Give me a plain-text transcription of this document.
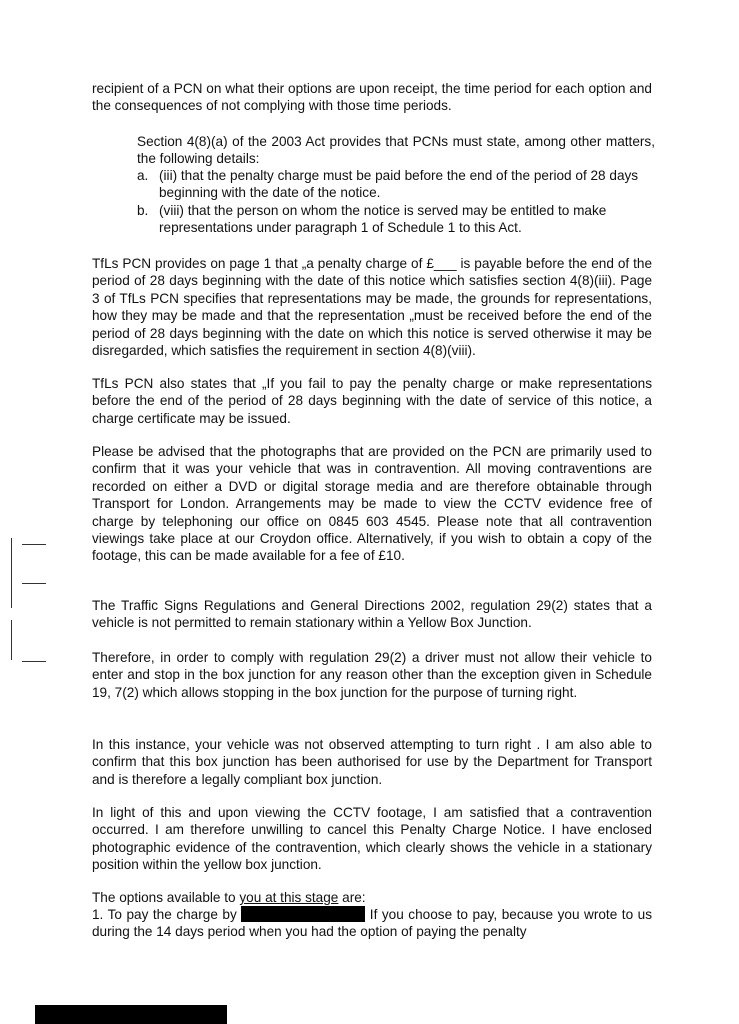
recipient of a PCN on what their options are upon receipt, the time period for each option and the consequences of not complying with those time periods.

Section 4(8)(a) of the 2003 Act provides that PCNs must state, among other matters, the following details:

a. (iii) that the penalty charge must be paid before the end of the period of 28 days beginning with the date of the notice.
b. (viii) that the person on whom the notice is served may be entitled to make representations under paragraph 1 of Schedule 1 to this Act.

TfLs PCN provides on page 1 that „a penalty charge of £___ is payable before the end of the period of 28 days beginning with the date of this notice which satisfies section 4(8)(iii). Page 3 of TfLs PCN specifies that representations may be made, the grounds for representations, how they may be made and that the representation „must be received before the end of the period of 28 days beginning with the date on which this notice is served otherwise it may be disregarded, which satisfies the requirement in section 4(8)(viii).

TfLs PCN also states that „If you fail to pay the penalty charge or make representations before the end of the period of 28 days beginning with the date of service of this notice, a charge certificate may be issued.

Please be advised that the photographs that are provided on the PCN are primarily used to confirm that it was your vehicle that was in contravention. All moving contraventions are recorded on either a DVD or digital storage media and are therefore obtainable through Transport for London. Arrangements may be made to view the CCTV evidence free of charge by telephoning our office on 0845 603 4545. Please note that all contravention viewings take place at our Croydon office. Alternatively, if you wish to obtain a copy of the footage, this can be made available for a fee of £10.

The Traffic Signs Regulations and General Directions 2002, regulation 29(2) states that a vehicle is not permitted to remain stationary within a Yellow Box Junction.

Therefore, in order to comply with regulation 29(2) a driver must not allow their vehicle to enter and stop in the box junction for any reason other than the exception given in Schedule 19, 7(2) which allows stopping in the box junction for the purpose of turning right.

In this instance, your vehicle was not observed attempting to turn right . I am also able to confirm that this box junction has been authorised for use by the Department for Transport and is therefore a legally compliant box junction.

In light of this and upon viewing the CCTV footage, I am satisfied that a contravention occurred. I am therefore unwilling to cancel this Penalty Charge Notice. I have enclosed photographic evidence of the contravention, which clearly shows the vehicle in a stationary position within the yellow box junction.

The options available to you at this stage are:

1. To pay the charge by	If you choose to pay, because you wrote to us during the 14 days period when you had the option of paying the penalty
